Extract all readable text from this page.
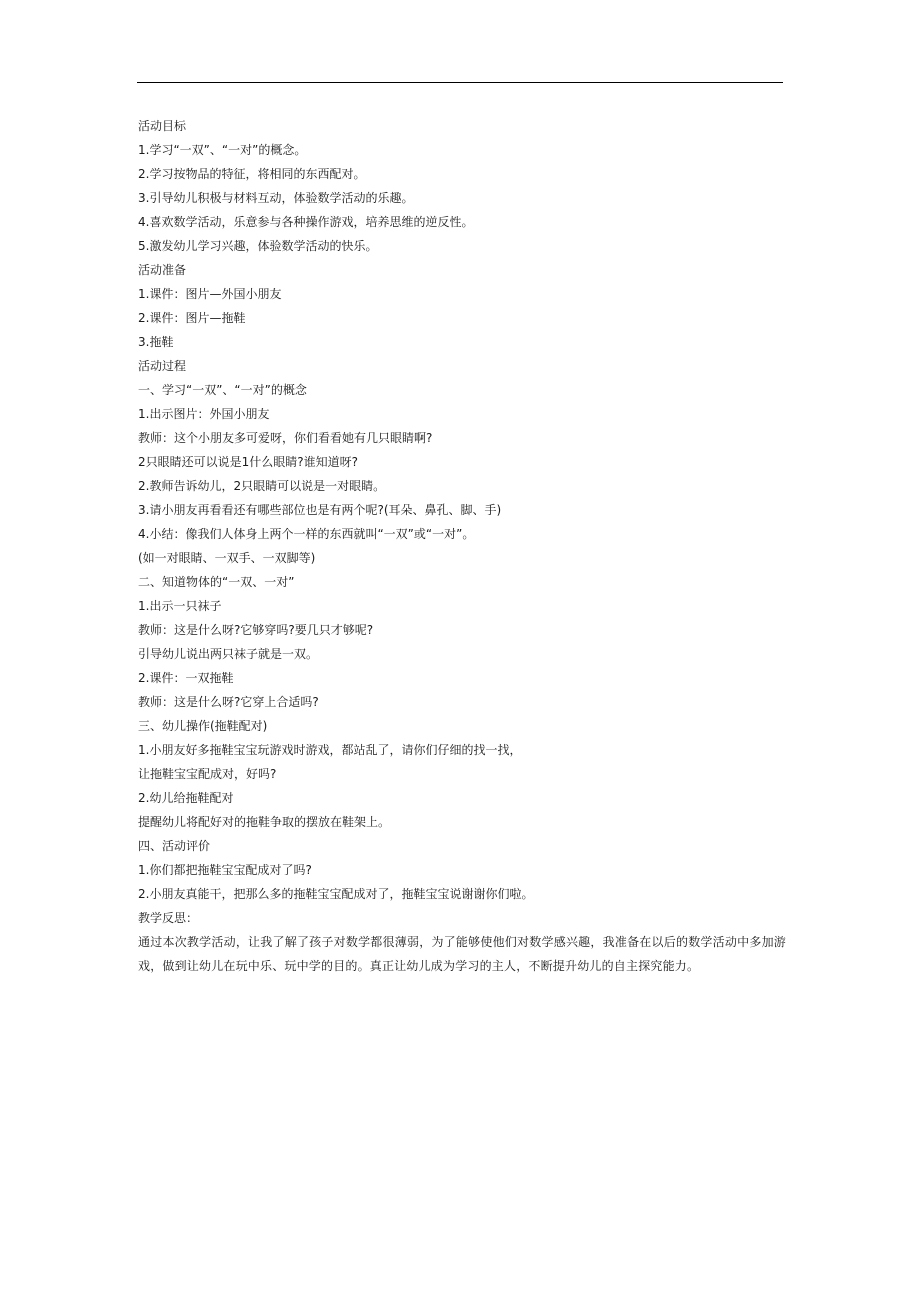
活动目标
1.学习“一双”、“一对”的概念。
2.学习按物品的特征，将相同的东西配对。
3.引导幼儿积极与材料互动，体验数学活动的乐趣。
4.喜欢数学活动，乐意参与各种操作游戏，培养思维的逆反性。
5.激发幼儿学习兴趣，体验数学活动的快乐。
活动准备
1.课件：图片—外国小朋友
2.课件：图片—拖鞋
3.拖鞋
活动过程
一、学习“一双”、“一对”的概念
1.出示图片：外国小朋友
教师：这个小朋友多可爱呀，你们看看她有几只眼睛啊?
2只眼睛还可以说是1什么眼睛?谁知道呀?
2.教师告诉幼儿，2只眼睛可以说是一对眼睛。
3.请小朋友再看看还有哪些部位也是有两个呢?(耳朵、鼻孔、脚、手)
4.小结：像我们人体身上两个一样的东西就叫“一双”或“一对”。
(如一对眼睛、一双手、一双脚等)
二、知道物体的“一双、一对”
1.出示一只袜子
教师：这是什么呀?它够穿吗?要几只才够呢?
引导幼儿说出两只袜子就是一双。
2.课件：一双拖鞋
教师：这是什么呀?它穿上合适吗?
三、幼儿操作(拖鞋配对)
1.小朋友好多拖鞋宝宝玩游戏时游戏，都站乱了，请你们仔细的找一找，
让拖鞋宝宝配成对，好吗?
2.幼儿给拖鞋配对
提醒幼儿将配好对的拖鞋争取的摆放在鞋架上。
四、活动评价
1.你们都把拖鞋宝宝配成对了吗?
2.小朋友真能干，把那么多的拖鞋宝宝配成对了，拖鞋宝宝说谢谢你们啦。
教学反思：
通过本次教学活动，让我了解了孩子对数学都很薄弱，为了能够使他们对数学感兴趣，我准备在以后的数学活动中多加游戏，做到让幼儿在玩中乐、玩中学的目的。真正让幼儿成为学习的主人，不断提升幼儿的自主探究能力。
